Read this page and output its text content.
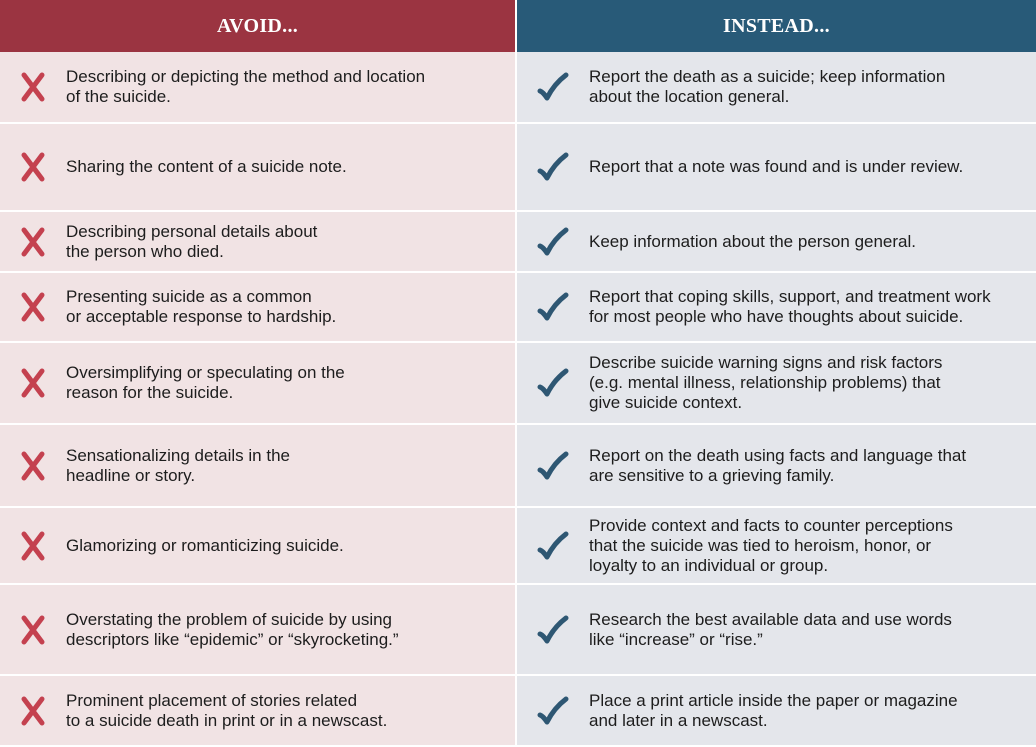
AVOID...	INSTEAD...
Describing or depicting the method and location
of the suicide.
Report the death as a suicide; keep information
about the location general.
Sharing the content of a suicide note.	Report that a note was found and is under review.
Describing personal details about
the person who died.
Keep information about the person general.
Presenting suicide as a common
or acceptable response to hardship.
Report that coping skills, support, and treatment work
for most people who have thoughts about suicide.
Oversimplifying or speculating on the
reason for the suicide.
Describe suicide warning signs and risk factors
(e.g. mental illness, relationship problems) that
give suicide context.
Sensationalizing details in the
headline or story.
Report on the death using facts and language that
are sensitive to a grieving family.
Glamorizing or romanticizing suicide.
Provide context and facts to counter perceptions
that the suicide was tied to heroism, honor, or
loyalty to an individual or group.
Overstating the problem of suicide by using
descriptors like “epidemic” or “skyrocketing.”
Research the best available data and use words
like “increase” or “rise.”
Prominent placement of stories related
to a suicide death in print or in a newscast.
Place a print article inside the paper or magazine
and later in a newscast.
